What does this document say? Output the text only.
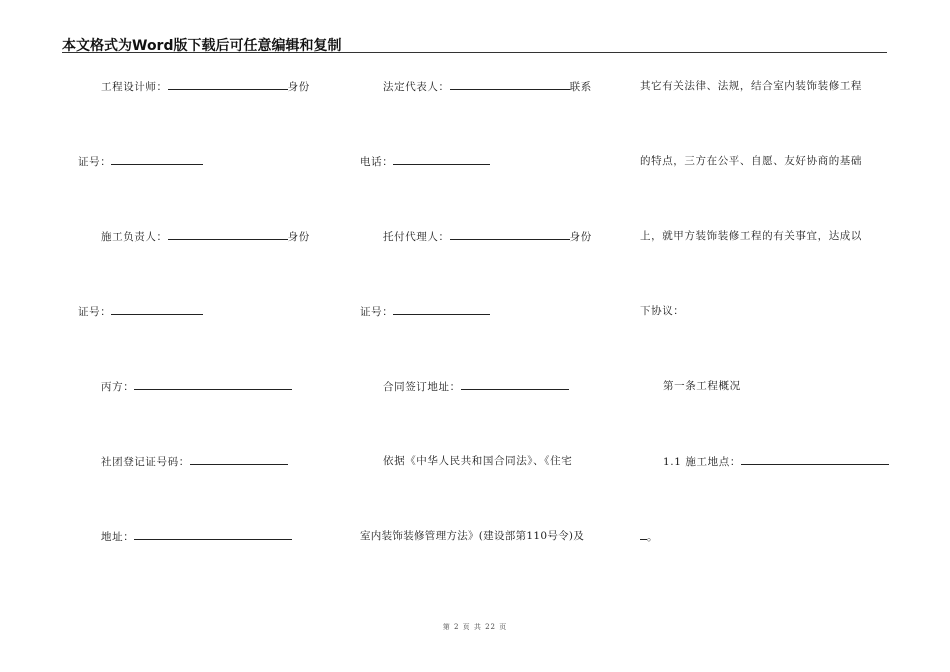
本文格式为Word版下载后可任意编辑和复制
工程设计师：	身份
证号：
施工负责人：	身份
证号：
丙方：
社团登记证号码：
地址：
法定代表人：	联系
电话：
托付代理人：	身份
证号：
合同签订地址：
依据《中华人民共和国合同法》、《住宅
室内装饰装修管理方法》(建设部第110号令)及
其它有关法律、法规，结合室内装饰装修工程
的特点，三方在公平、自愿、友好协商的基础
上，就甲方装饰装修工程的有关事宜，达成以
下协议：
第一条工程概况
1.1 施工地点：
。
第 2 页 共 22 页
